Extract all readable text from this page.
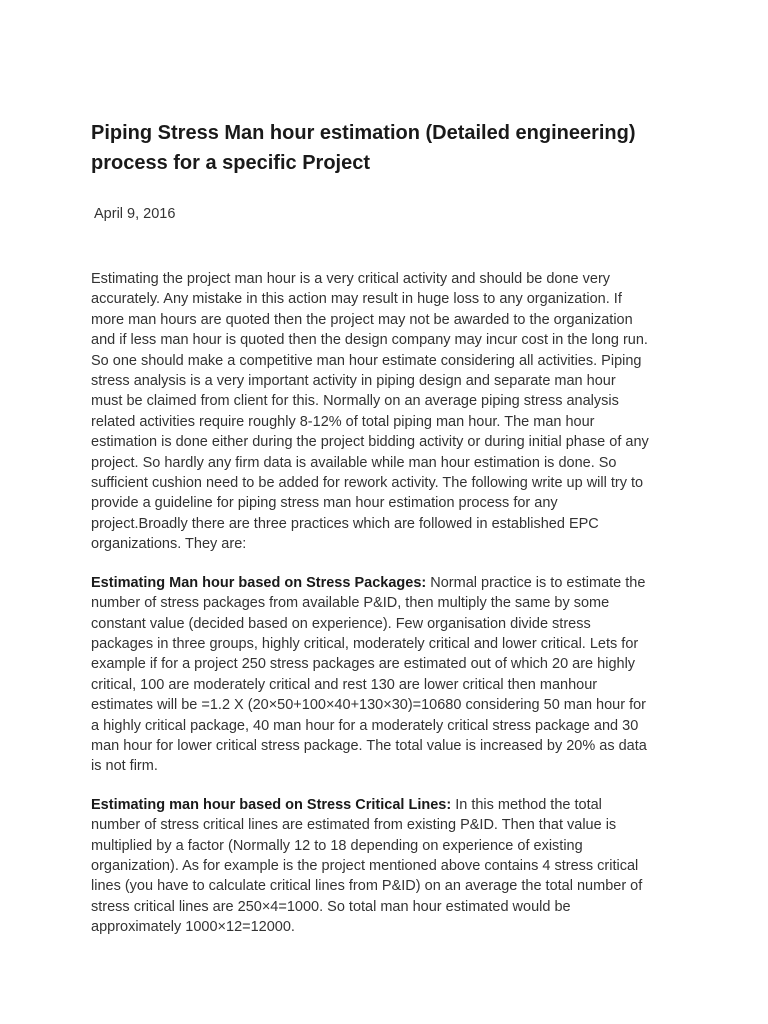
Piping Stress Man hour estimation (Detailed engineering) process for a specific Project
April 9, 2016

Estimating the project man hour is a very critical activity and should be done very accurately. Any mistake in this action may result in huge loss to any organization. If more man hours are quoted then the project may not be awarded to the organization and if less man hour is quoted then the design company may incur cost in the long run. So one should make a competitive man hour estimate considering all activities. Piping stress analysis is a very important activity in piping design and separate man hour must be claimed from client for this. Normally on an average piping stress analysis related activities require roughly 8-12% of total piping man hour. The man hour estimation is done either during the project bidding activity or during initial phase of any project. So hardly any firm data is available while man hour estimation is done. So sufficient cushion need to be added for rework activity. The following write up will try to provide a guideline for piping stress man hour estimation process for any project.Broadly there are three practices which are followed in established EPC organizations. They are:

Estimating Man hour based on Stress Packages: Normal practice is to estimate the number of stress packages from available P&ID, then multiply the same by some constant value (decided based on experience). Few organisation divide stress packages in three groups, highly critical, moderately critical and lower critical. Lets for example if for a project 250 stress packages are estimated out of which 20 are highly critical, 100 are moderately critical and rest 130 are lower critical then manhour estimates will be =1.2 X (20×50+100×40+130×30)=10680 considering 50 man hour for a highly critical package, 40 man hour for a moderately critical stress package and 30 man hour for lower critical stress package. The total value is increased by 20% as data is not firm.

Estimating man hour based on Stress Critical Lines: In this method the total number of stress critical lines are estimated from existing P&ID. Then that value is multiplied by a factor (Normally 12 to 18 depending on experience of existing organization). As for example is the project mentioned above contains 4 stress critical lines (you have to calculate critical lines from P&ID) on an average the total number of stress critical lines are 250×4=1000. So total man hour estimated would be approximately 1000×12=12000.
